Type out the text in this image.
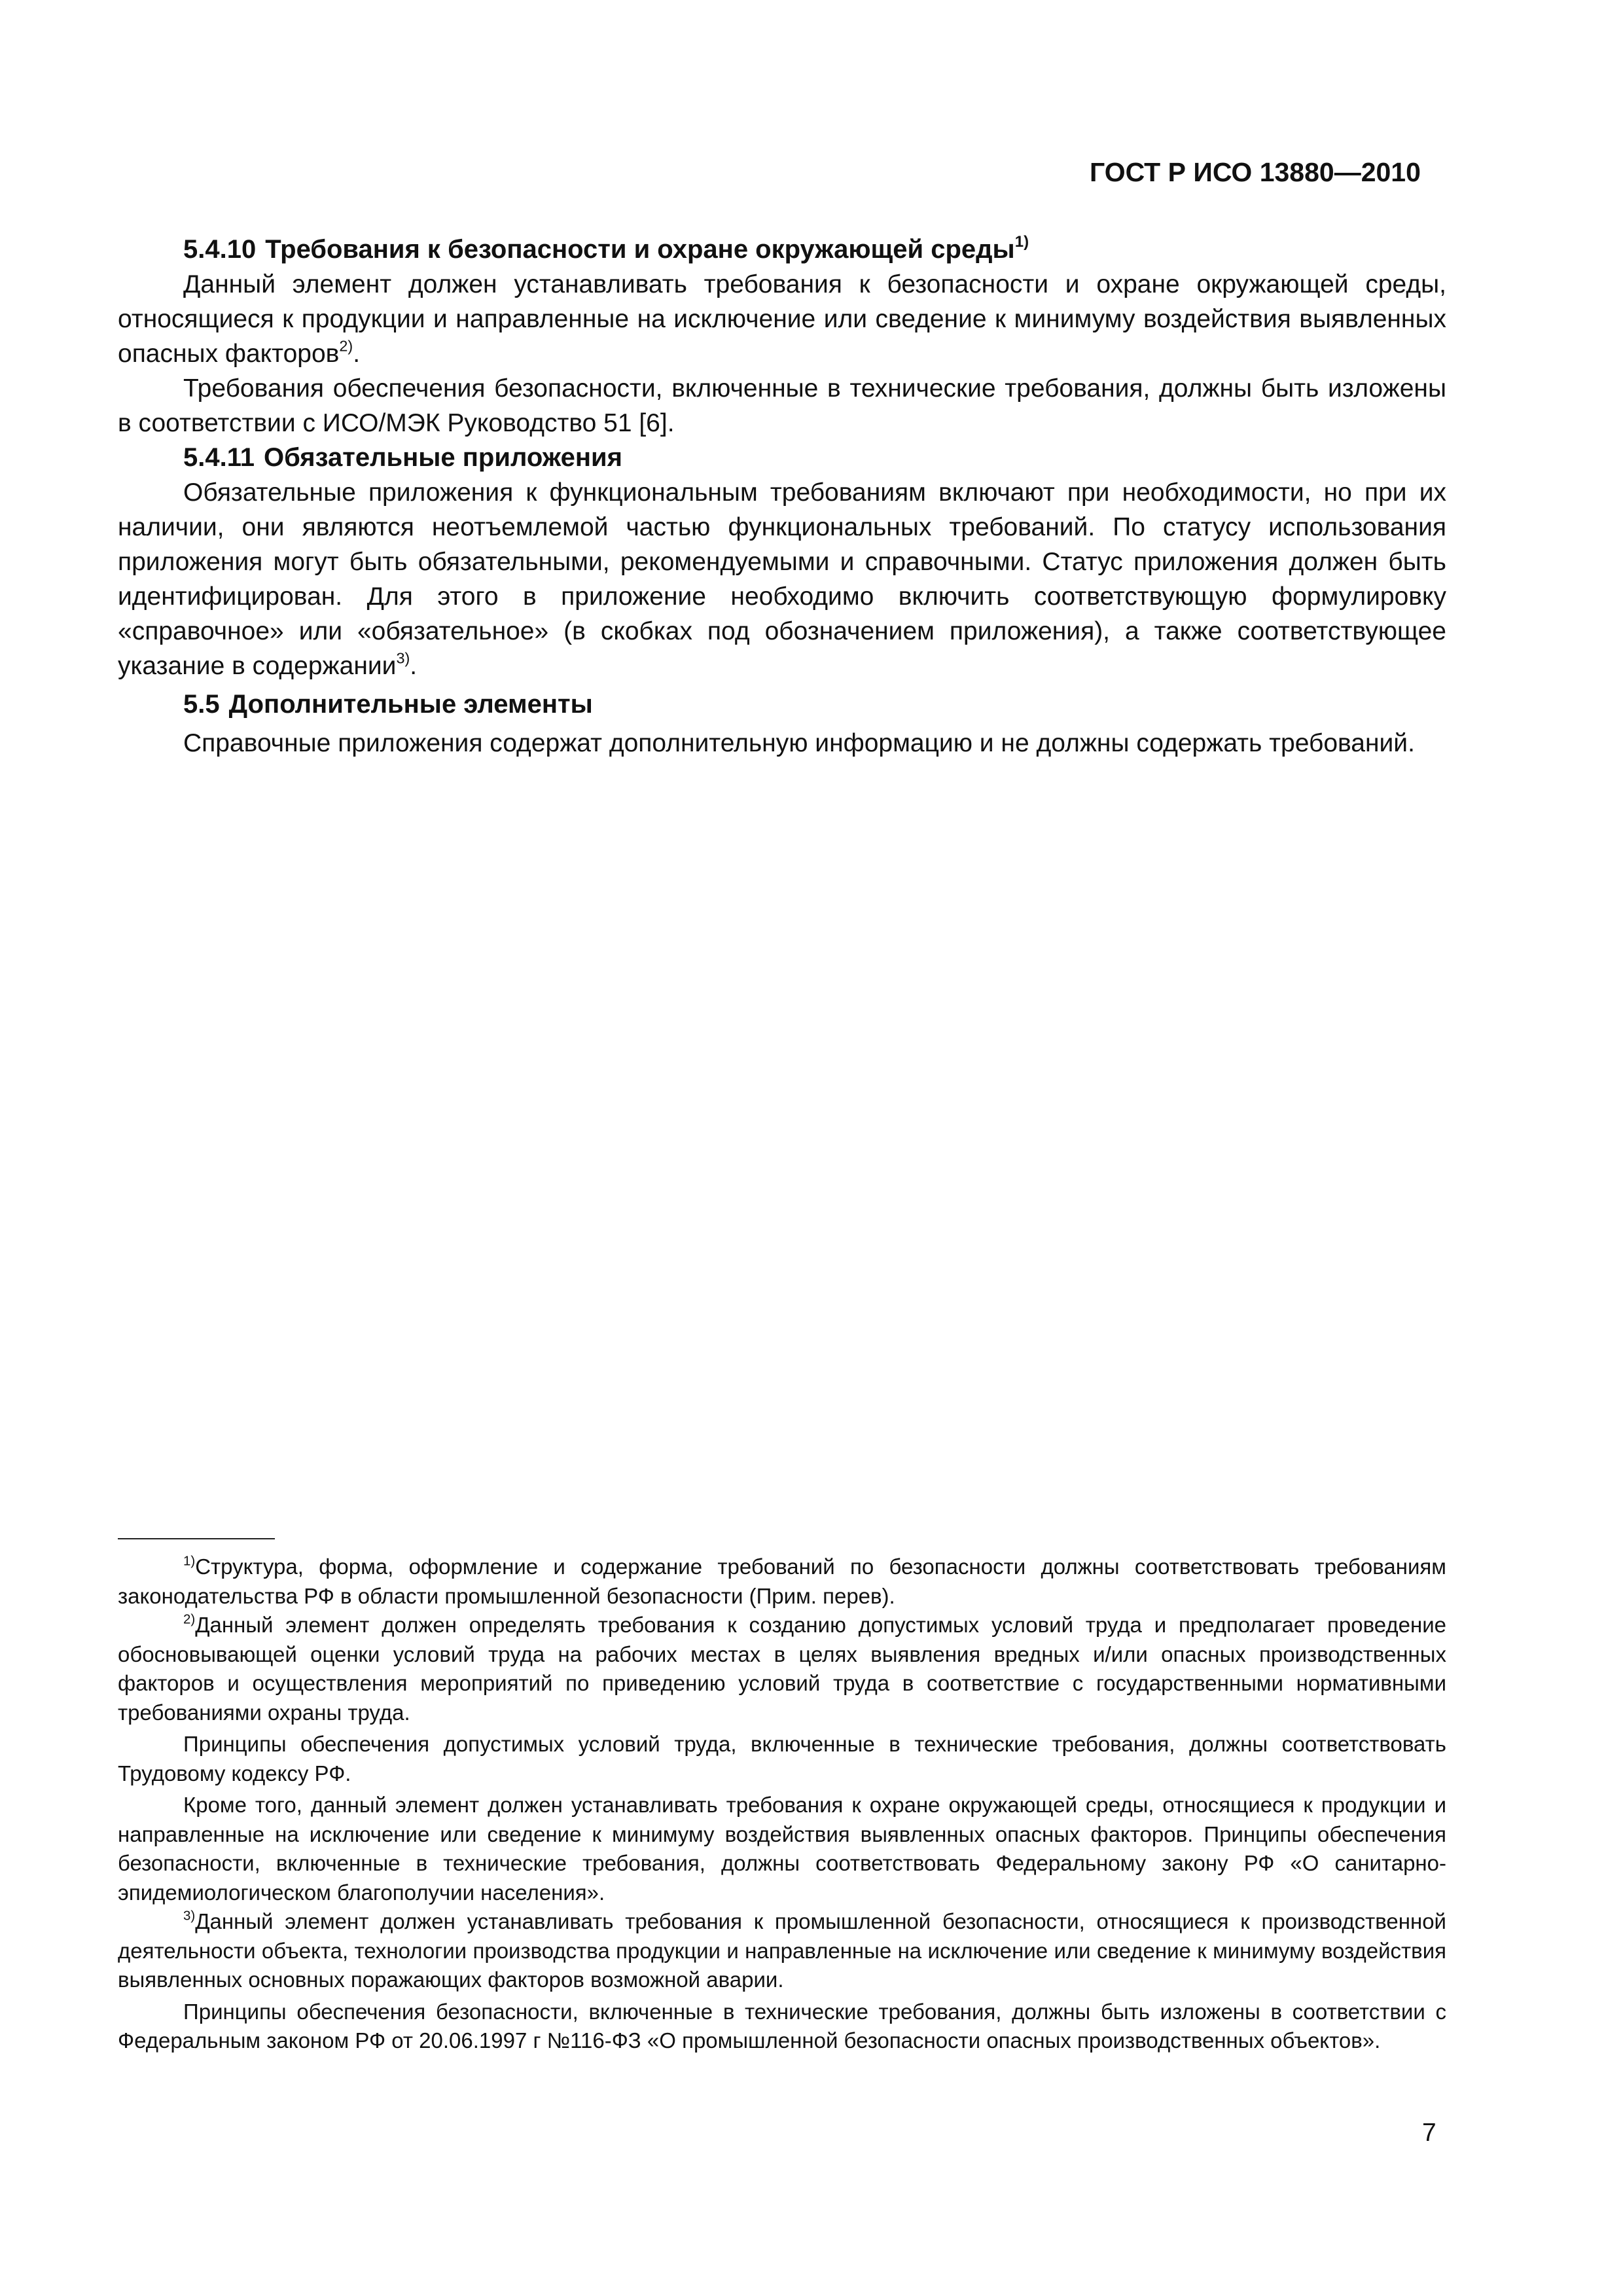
ГОСТ Р ИСО 13880—2010
5.4.10 Требования к безопасности и охране окружающей среды$^{1)}$

Данный элемент должен устанавливать требования к безопасности и охране окружающей среды, относящиеся к продукции и направленные на исключение или сведение к минимуму воздействия выявленных опасных факторов$^{2)}$.

Требования обеспечения безопасности, включенные в технические требования, должны быть изложены в соответствии с ИСО/МЭК Руководство 51 [6].

5.4.11 Обязательные приложения

Обязательные приложения к функциональным требованиям включают при необходимости, но при их наличии, они являются неотъемлемой частью функциональных требований. По статусу использования приложения могут быть обязательными, рекомендуемыми и справочными. Статус приложения должен быть идентифицирован. Для этого в приложение необходимо включить соответствующую формулировку «справочное» или «обязательное» (в скобках под обозначением приложения), а также соответствующее указание в содержании$^{3)}$.

5.5 Дополнительные элементы

Справочные приложения содержат дополнительную информацию и не должны содержать требований.

$^{1)}$Структура, форма, оформление и содержание требований по безопасности должны соответствовать требованиям законодательства РФ в области промышленной безопасности (Прим. перев).

$^{2)}$Данный элемент должен определять требования к созданию допустимых условий труда и предполагает проведение обосновывающей оценки условий труда на рабочих местах в целях выявления вредных и/или опасных производственных факторов и осуществления мероприятий по приведению условий труда в соответствие с государственными нормативными требованиями охраны труда.

Принципы обеспечения допустимых условий труда, включенные в технические требования, должны соответствовать Трудовому кодексу РФ.

Кроме того, данный элемент должен устанавливать требования к охране окружающей среды, относящиеся к продукции и направленные на исключение или сведение к минимуму воздействия выявленных опасных факторов. Принципы обеспечения безопасности, включенные в технические требования, должны соответствовать Федеральному закону РФ «О санитарно-эпидемиологическом благополучии населения».

$^{3)}$Данный элемент должен устанавливать требования к промышленной безопасности, относящиеся к производственной деятельности объекта, технологии производства продукции и направленные на исключение или сведение к минимуму воздействия выявленных основных поражающих факторов возможной аварии.

Принципы обеспечения безопасности, включенные в технические требования, должны быть изложены в соответствии с Федеральным законом РФ от 20.06.1997 г №116-ФЗ «О промышленной безопасности опасных производственных объектов».

7
